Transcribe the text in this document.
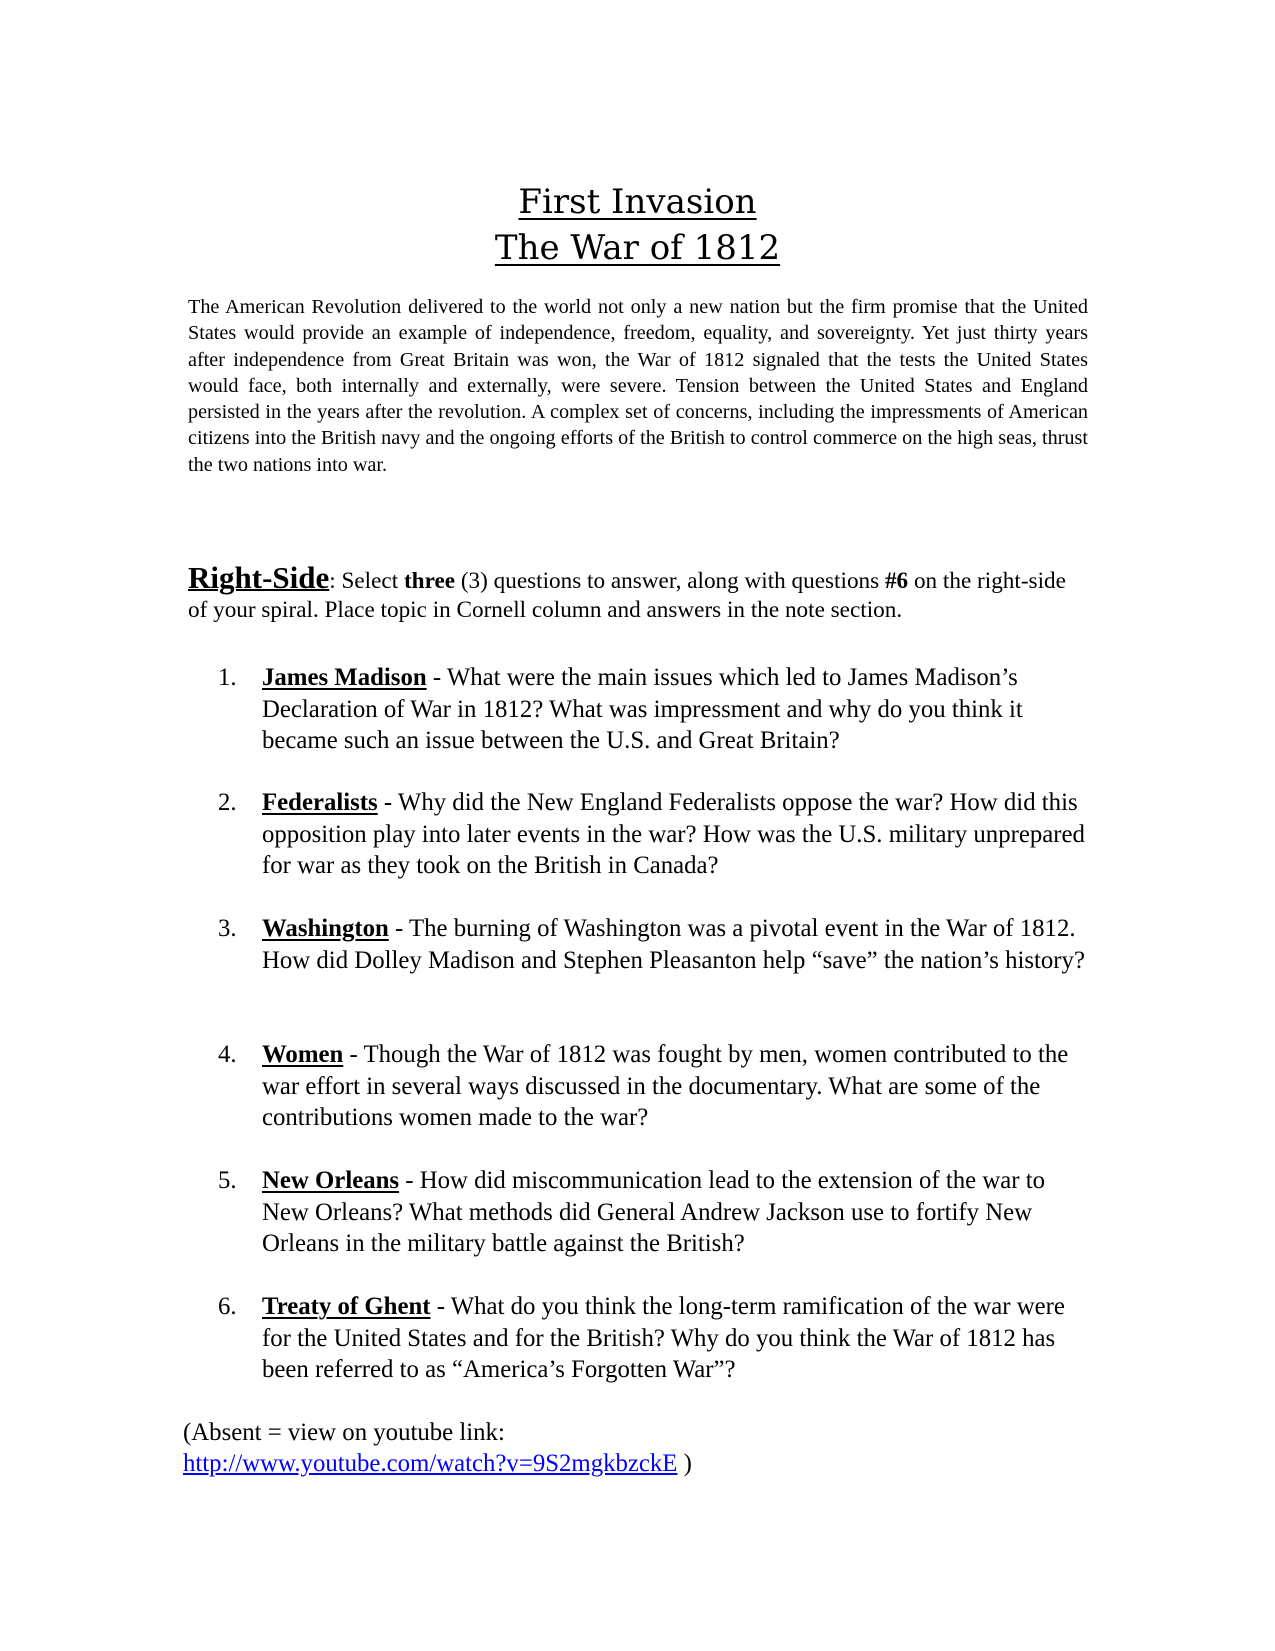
First Invasion
The War of 1812

The American Revolution delivered to the world not only a new nation but the firm promise that the United States would provide an example of independence, freedom, equality, and sovereignty. Yet just thirty years after independence from Great Britain was won, the War of 1812 signaled that the tests the United States would face, both internally and externally, were severe. Tension between the United States and England persisted in the years after the revolution. A complex set of concerns, including the impressments of American citizens into the British navy and the ongoing efforts of the British to control commerce on the high seas, thrust the two nations into war.

Right-Side: Select three (3) questions to answer, along with questions #6 on the right-side of your spiral. Place topic in Cornell column and answers in the note section.

1.	James Madison - What were the main issues which led to James Madison’s Declaration of War in 1812? What was impressment and why do you think it became such an issue between the U.S. and Great Britain?
2.	Federalists - Why did the New England Federalists oppose the war? How did this opposition play into later events in the war? How was the U.S. military unprepared for war as they took on the British in Canada?
3.	Washington - The burning of Washington was a pivotal event in the War of 1812. How did Dolley Madison and Stephen Pleasanton help “save” the nation’s history?
4.	Women - Though the War of 1812 was fought by men, women contributed to the war effort in several ways discussed in the documentary. What are some of the contributions women made to the war?
5.	New Orleans - How did miscommunication lead to the extension of the war to New Orleans? What methods did General Andrew Jackson use to fortify New Orleans in the military battle against the British?
6.	Treaty of Ghent - What do you think the long-term ramification of the war were for the United States and for the British? Why do you think the War of 1812 has been referred to as “America’s Forgotten War”?

(Absent = view on youtube link:
http://www.youtube.com/watch?v=9S2mgkbzckE )
